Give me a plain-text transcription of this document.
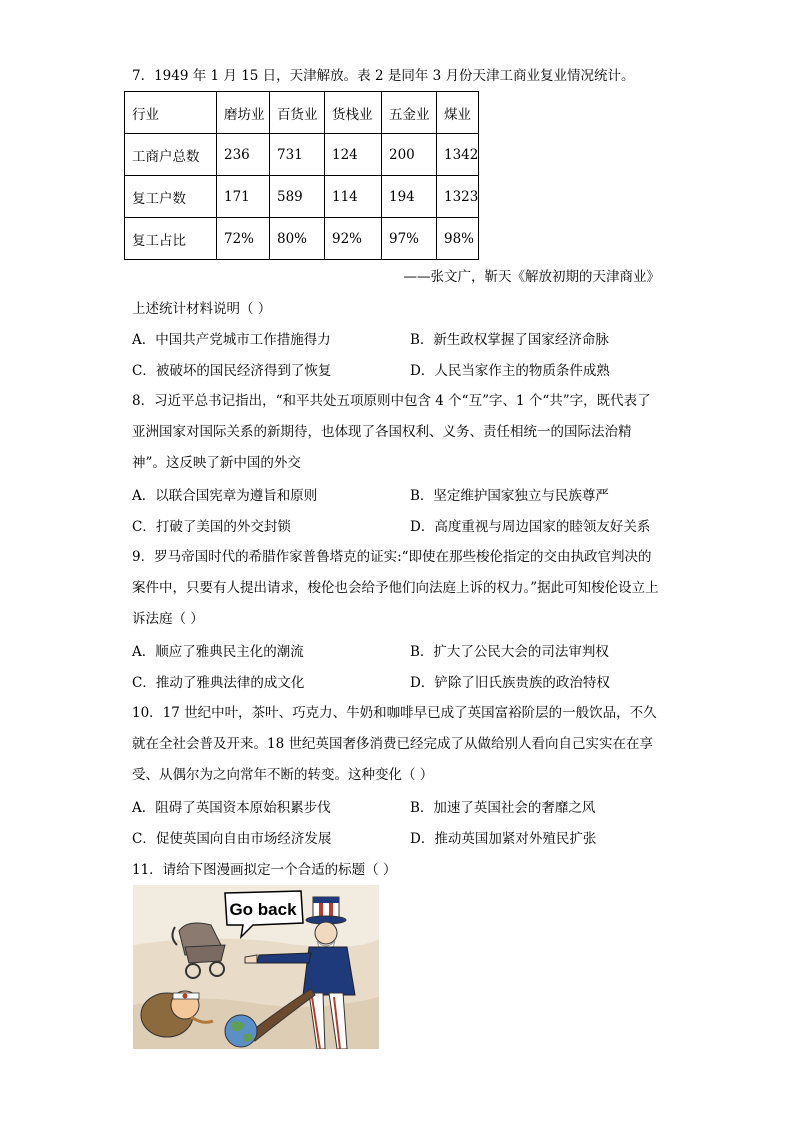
7．1949 年 1 月 15 日，天津解放。表 2 是同年 3 月份天津工商业复业情况统计。
行业	磨坊业	百货业	货栈业	五金业	煤业
工商户总数	236	731	124	200	1342
复工户数	171	589	114	194	1323
复工占比	72%	80%	92%	97%	98%
——张文广，靳天《解放初期的天津商业》
上述统计材料说明（ ）
A．中国共产党城市工作措施得力	B．新生政权掌握了国家经济命脉
C．被破坏的国民经济得到了恢复	D．人民当家作主的物质条件成熟
8．习近平总书记指出，“和平共处五项原则中包含 4 个“互”字、1 个“共”字，既代表了亚洲国家对国际关系的新期待，也体现了各国权利、义务、责任相统一的国际法治精神”。这反映了新中国的外交
A．以联合国宪章为遵旨和原则	B．坚定维护国家独立与民族尊严
C．打破了美国的外交封锁	D．高度重视与周边国家的睦领友好关系
9．罗马帝国时代的希腊作家普鲁塔克的证实:“即使在那些梭伦指定的交由执政官判决的案件中，只要有人提出请求，梭伦也会给予他们向法庭上诉的权力。”据此可知梭伦设立上诉法庭（ ）
A．顺应了雅典民主化的潮流	B．扩大了公民大会的司法审判权
C．推动了雅典法律的成文化	D．铲除了旧氏族贵族的政治特权
10．17 世纪中叶，茶叶、巧克力、牛奶和咖啡早已成了英国富裕阶层的一般饮品，不久就在全社会普及开来。18 世纪英国奢侈消费已经完成了从做给别人看向自己实实在在享受、从偶尔为之向常年不断的转变。这种变化（ ）
A．阻碍了英国资本原始积累步伐	B．加速了英国社会的奢靡之风
C．促使英国向自由市场经济发展	D．推动英国加紧对外殖民扩张
11．请给下图漫画拟定一个合适的标题（ ）
Go back
